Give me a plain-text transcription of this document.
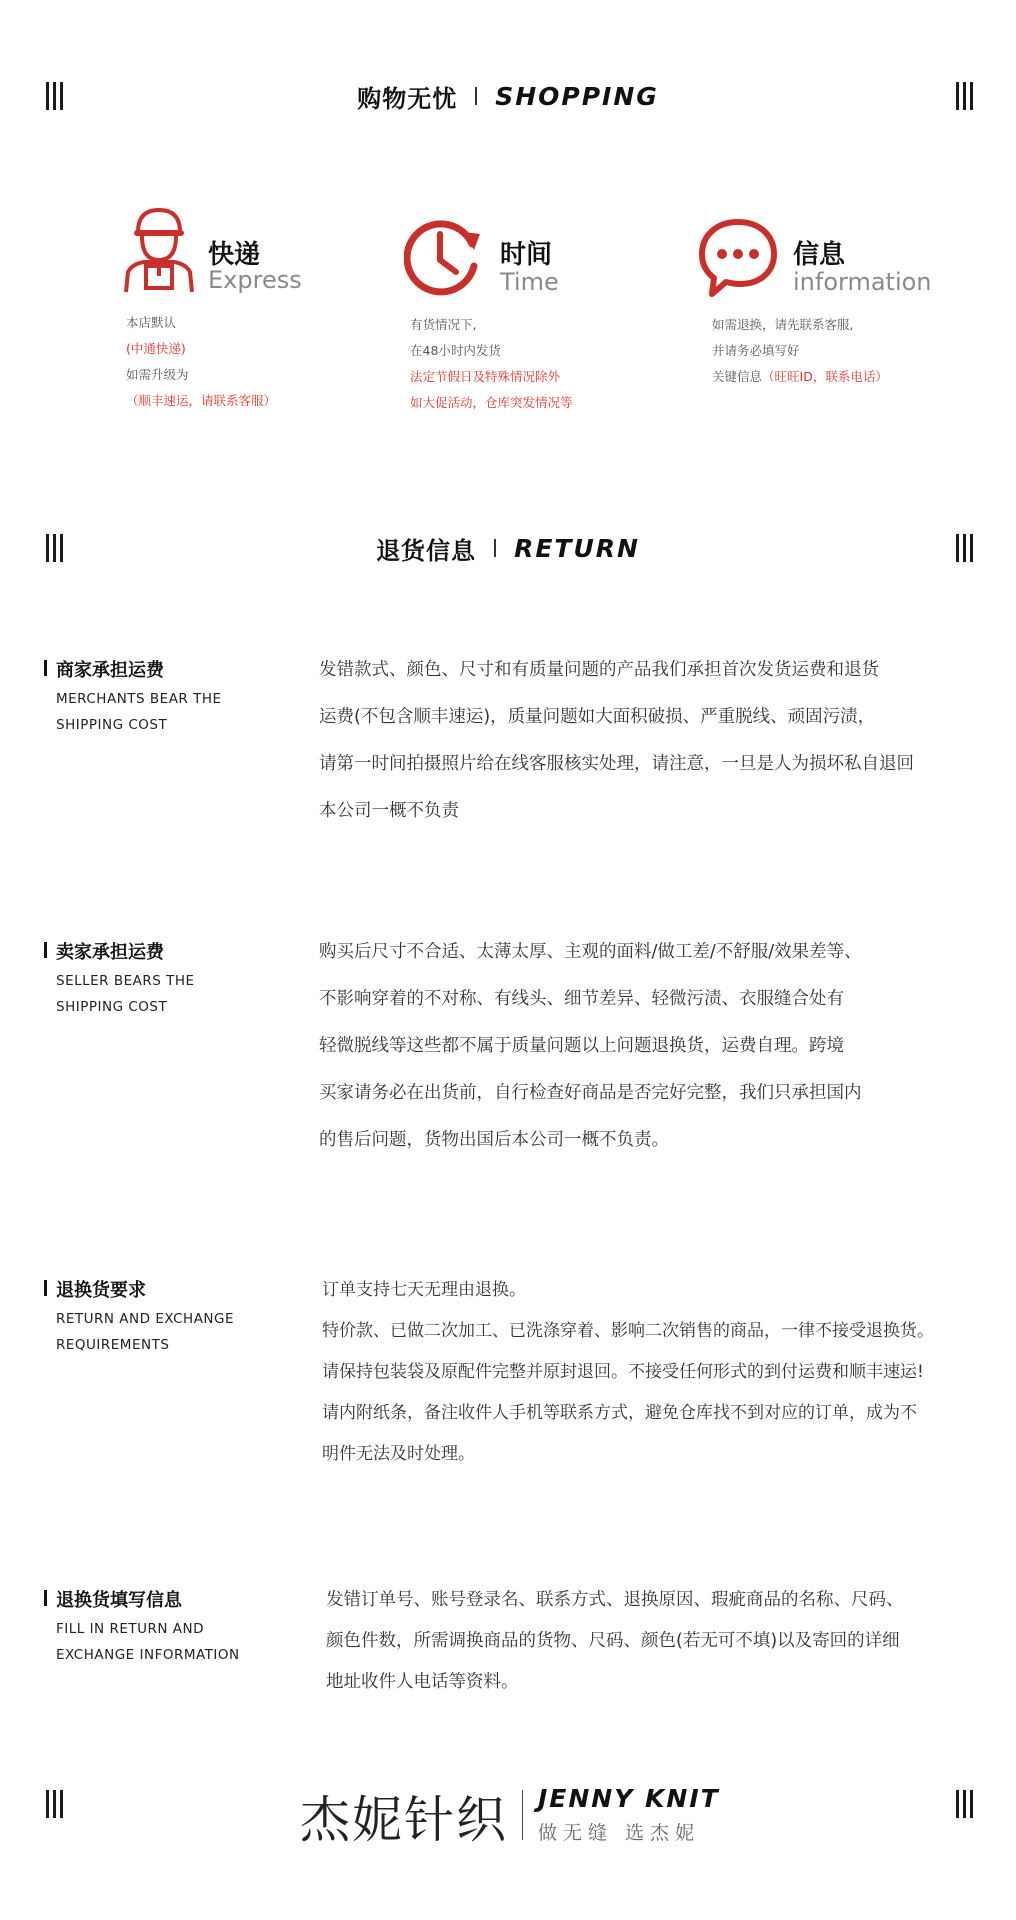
购物无忧 SHOPPING
快递
Express
本店默认
(中通快递)
如需升级为
（顺丰速运，请联系客服）
时间
Time
有货情况下,
在48小时内发货
法定节假日及特殊情况除外
如大促活动，仓库突发情况等
信息
information
如需退换，请先联系客服,
并请务必填写好
关键信息（旺旺ID，联系电话）
退货信息 RETURN
商家承担运费
MERCHANTS BEAR THE
SHIPPING COST
发错款式、颜色、尺寸和有质量问题的产品我们承担首次发货运费和退货
运费(不包含顺丰速运)，质量问题如大面积破损、严重脱线、顽固污渍，
请第一时间拍摄照片给在线客服核实处理，请注意，一旦是人为损坏私自退回
本公司一概不负责
卖家承担运费
SELLER BEARS THE
SHIPPING COST
购买后尺寸不合适、太薄太厚、主观的面料/做工差/不舒服/效果差等、
不影响穿着的不对称、有线头、细节差异、轻微污渍、衣服缝合处有
轻微脱线等这些都不属于质量问题以上问题退换货，运费自理。跨境
买家请务必在出货前，自行检查好商品是否完好完整，我们只承担国内
的售后问题，货物出国后本公司一概不负责。
退换货要求
RETURN AND EXCHANGE
REQUIREMENTS
订单支持七天无理由退换。
特价款、已做二次加工、已洗涤穿着、影响二次销售的商品，一律不接受退换货。
请保持包装袋及原配件完整并原封退回。不接受任何形式的到付运费和顺丰速运!
请内附纸条，备注收件人手机等联系方式，避免仓库找不到对应的订单，成为不
明件无法及时处理。
退换货填写信息
FILL IN RETURN AND
EXCHANGE INFORMATION
发错订单号、账号登录名、联系方式、退换原因、瑕疵商品的名称、尺码、
颜色件数，所需调换商品的货物、尺码、颜色(若无可不填)以及寄回的详细
地址收件人电话等资料。
杰妮针织 JENNY KNIT
做无缝 选杰妮
